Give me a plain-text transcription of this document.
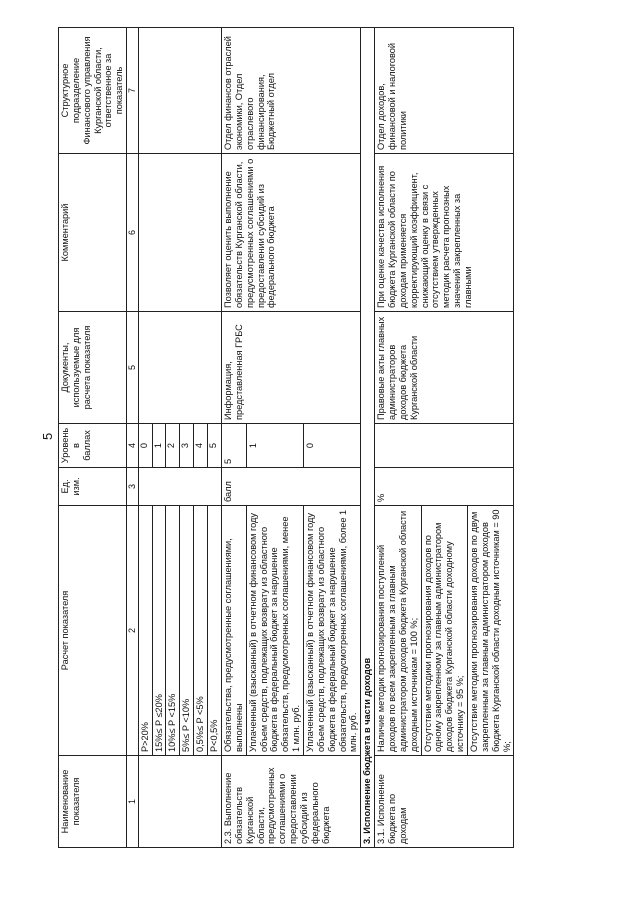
5
Наименование показателя	Расчет показателя	Ед. изм.	Уровень в баллах	Документы, используемые для расчета показателя	Комментарий	Структурное подразделение Финансового управления Курганской области, ответственное за показатель
1	2	3	4	5	6	7
	P>20%		0			
	15%≤ P ≤20%		1			
	10%≤ P <15%		2			
	5%≤ P <10%		3			
	0,5%≤ P <5%		4			
	P<0,5%		5			
2.3. Выполнение обязательств Курганской области, предусмотренных соглашениями о предоставлении субсидий из федерального бюджета	Обязательства, предусмотренные соглашениями, выполнены	балл	5	Информация, представленная ГРБС	Позволяет оценить выполнение обязательств Курганской области, предусмотренных соглашениями о предоставлении субсидий из федерального бюджета	Отдел финансов отраслей экономики, Отдел отраслевого финансирования, Бюджетный отдел
	Уплаченный (взысканный) в отчетном финансовом году объем средств, подлежащих возврату из областного бюджета в федеральный бюджет за нарушение обязательств, предусмотренных соглашениями, менее 1 млн. руб.		1			
	Уплаченный (взысканный) в отчетном финансовом году объем средств, подлежащих возврату из областного бюджета в федеральный бюджет за нарушение обязательств, предусмотренных соглашениями, более 1 млн. руб.		0			
3. Исполнение бюджета в части доходов						
3.1. Исполнение бюджета по доходам	Наличие методик прогнозирования поступлений доходов по всем закрепленным за главным администратором доходов бюджета Курганской области доходным источникам = 100 %;	%		Правовые акты главных администраторов доходов бюджета Курганской области	При оценке качества исполнения бюджета Курганской области по доходам применяется корректирующий коэффициент, снижающий оценку в связи с отсутствием утвержденных методик расчета прогнозных значений закрепленных за главными	Отдел доходов, финансовой и налоговой политики
	Отсутствие методики прогнозирования доходов по одному закрепленному за главным администратором доходов бюджета Курганской области доходному источнику = 95 %;					
	Отсутствие методики прогнозирования доходов по двум закрепленным за главным администратором доходов бюджета Курганской области доходным источникам = 90 %;					
